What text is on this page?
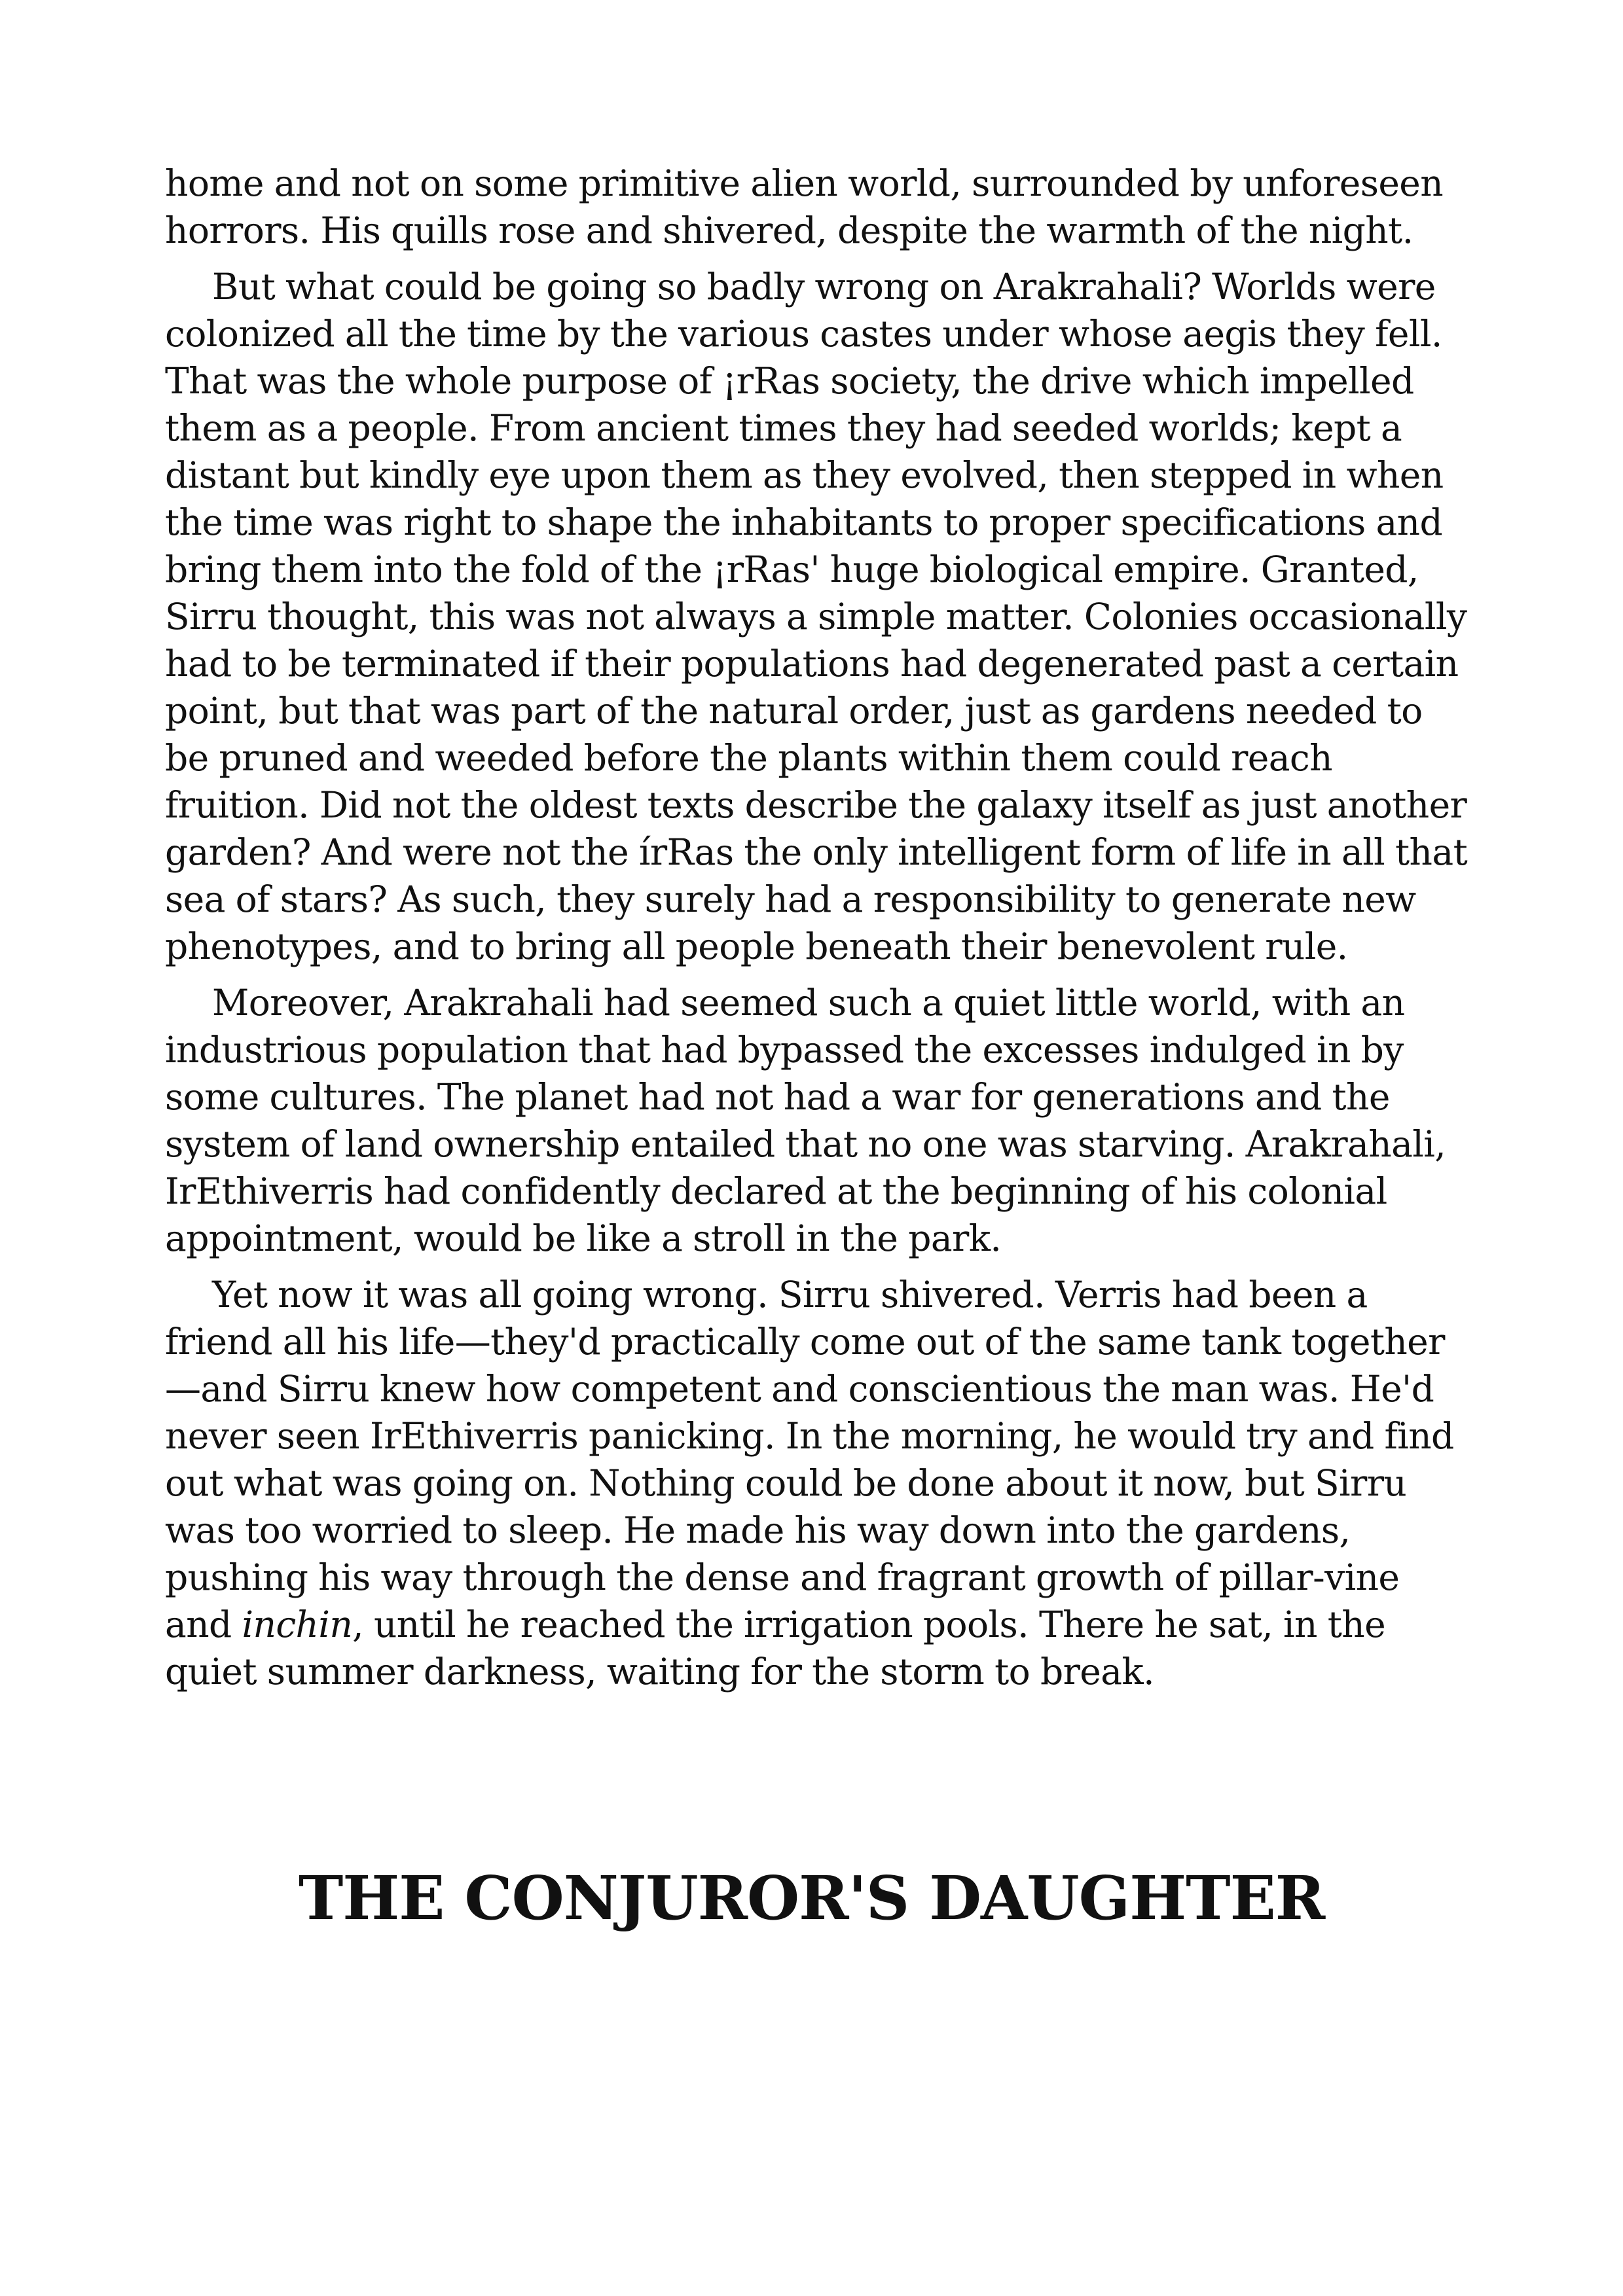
home and not on some primitive alien world, surrounded by unforeseen horrors. His quills rose and shivered, despite the warmth of the night.

But what could be going so badly wrong on Arakrahali? Worlds were colonized all the time by the various castes under whose aegis they fell. That was the whole purpose of ¡rRas society, the drive which impelled them as a people. From ancient times they had seeded worlds; kept a distant but kindly eye upon them as they evolved, then stepped in when the time was right to shape the inhabitants to proper specifications and bring them into the fold of the ¡rRas' huge biological empire. Granted, Sirru thought, this was not always a simple matter. Colonies occasionally had to be terminated if their populations had degenerated past a certain point, but that was part of the natural order, just as gardens needed to be pruned and weeded before the plants within them could reach fruition. Did not the oldest texts describe the galaxy itself as just another garden? And were not the írRas the only intelligent form of life in all that sea of stars? As such, they surely had a responsibility to generate new phenotypes, and to bring all people beneath their benevolent rule.

Moreover, Arakrahali had seemed such a quiet little world, with an industrious population that had bypassed the excesses indulged in by some cultures. The planet had not had a war for generations and the system of land ownership entailed that no one was starving. Arakrahali, IrEthiverris had confidently declared at the beginning of his colonial appointment, would be like a stroll in the park.

Yet now it was all going wrong. Sirru shivered. Verris had been a friend all his life—they'd practically come out of the same tank together—and Sirru knew how competent and conscientious the man was. He'd never seen IrEthiverris panicking. In the morning, he would try and find out what was going on. Nothing could be done about it now, but Sirru was too worried to sleep. He made his way down into the gardens, pushing his way through the dense and fragrant growth of pillar-vine and inchin, until he reached the irrigation pools. There he sat, in the quiet summer darkness, waiting for the storm to break.

THE CONJUROR'S DAUGHTER
